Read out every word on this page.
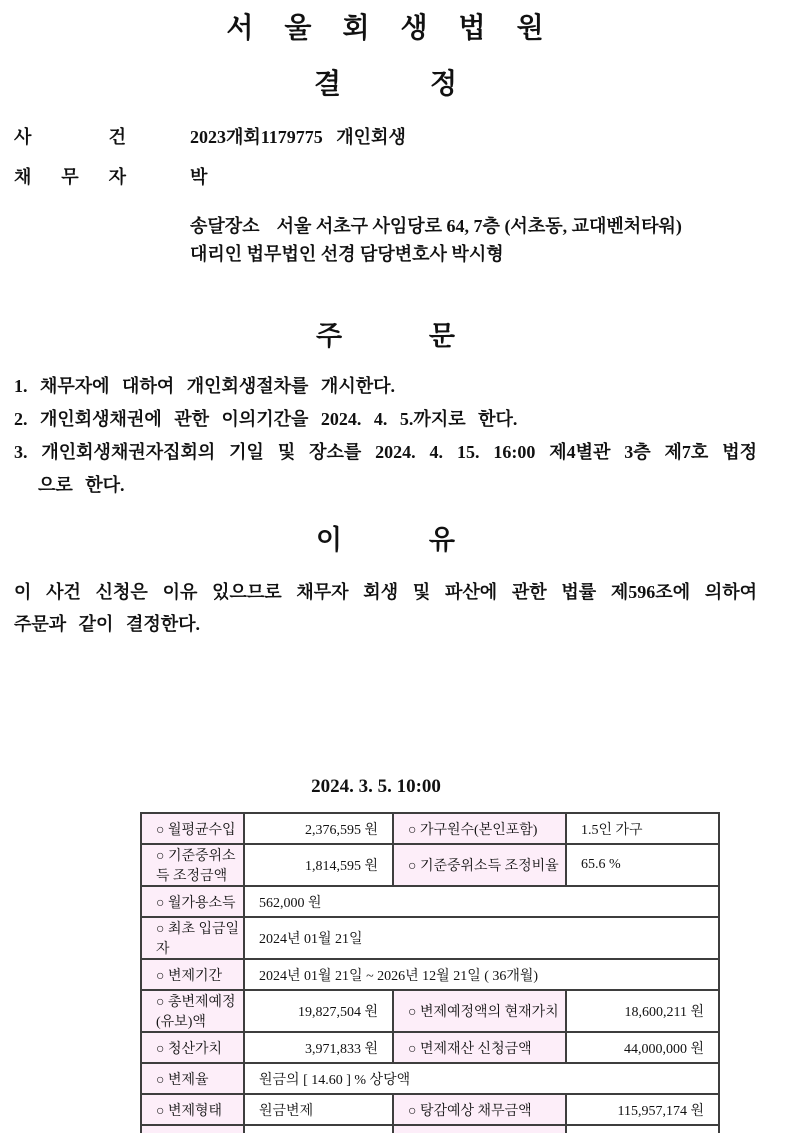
서 울 회 생 법 원
결 정
사 건	2023개회1179775   개인회생
채 무 자	박
송달장소 서울 서초구 사임당로 64, 7층 (서초동, 교대벤처타워)
대리인 법무법인 선경 담당변호사 박시형
주 문
1. 채무자에 대하여 개인회생절차를 개시한다.
2. 개인회생채권에 관한 이의기간을 2024. 4. 5.까지로 한다.
3. 개인회생채권자집회의 기일 및 장소를 2024. 4. 15. 16:00 제4별관 3층 제7호 법정
으로 한다.
이 유
이 사건 신청은 이유 있으므로 채무자 회생 및 파산에 관한 법률 제596조에 의하여
주문과 같이 결정한다.
2024. 3. 5. 10:00
○ 월평균수입	2,376,595 원	○ 가구원수(본인포함)	1.5인 가구
○ 기준중위소득 조정금액	1,814,595 원	○ 기준중위소득 조정비율	65.6 %
○ 월가용소득	562,000 원		
○ 최초 입금일자	2024년 01월 21일		
○ 변제기간	2024년 01월 21일 ~ 2026년 12월 21일 ( 36개월)		
○ 총변제예정(유보)액	19,827,504 원	○ 변제예정액의 현재가치	18,600,211 원
○ 청산가치	3,971,833 원	○ 면제재산 신청금액	44,000,000 원
○ 변제율	원금의 [ 14.60 ] % 상당액		
○ 변제형태	원금변제	○ 탕감예상 채무금액	115,957,174 원
